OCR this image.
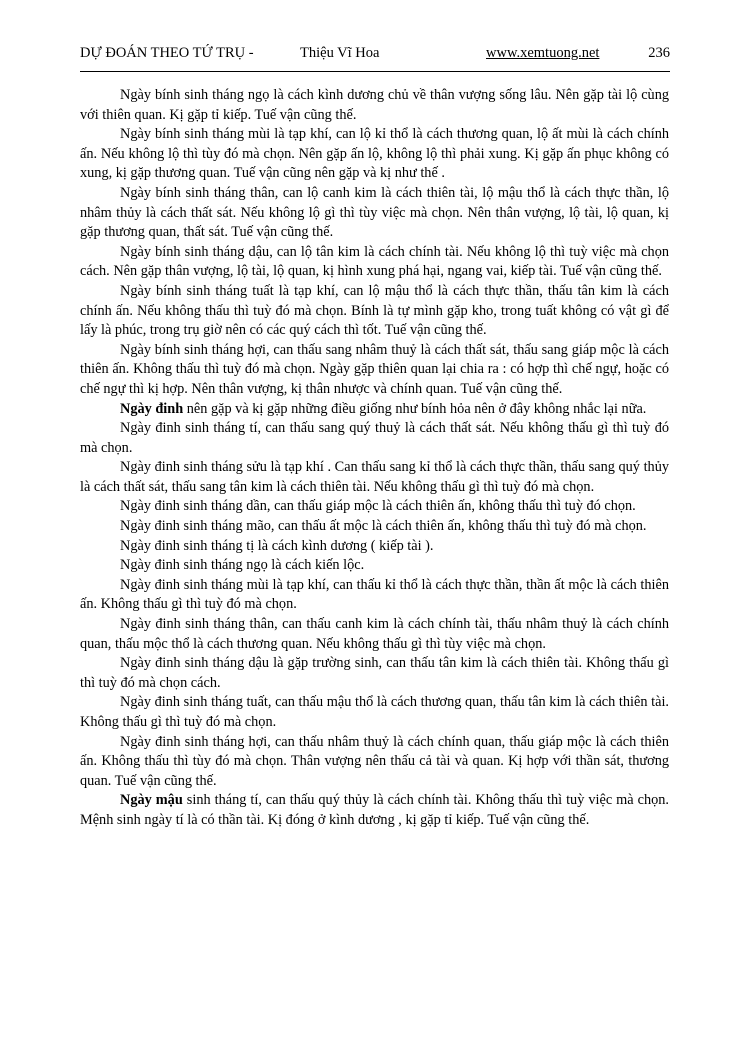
DỰ ĐOÁN THEO TỨ TRỤ -	Thiệu Vĩ Hoa	www.xemtuong.net	236

Ngày bính sinh tháng ngọ là cách kình dương chủ về thân vượng sống lâu. Nên gặp tài lộ cùng với thiên quan. Kị gặp tỉ kiếp. Tuế vận cũng thế.

Ngày bính sinh tháng mùi là tạp khí, can lộ kỉ thổ là cách thương quan, lộ ất mùi là cách chính ấn. Nếu không lộ thì tùy đó mà chọn. Nên gặp ấn lộ, không lộ thì phải xung. Kị gặp ấn phục không có xung, kị gặp thương quan. Tuế vận cũng nên gặp và kị như thế .

Ngày bính sinh tháng thân, can lộ canh kim là cách thiên tài, lộ mậu thổ là cách thực thần, lộ nhâm thủy là cách thất sát. Nếu không lộ gì thì tùy việc mà chọn. Nên thân vượng, lộ tài, lộ quan, kị gặp thương quan, thất sát. Tuế vận cũng thế.

Ngày bính sinh tháng dậu, can lộ tân kim là cách chính tài. Nếu không lộ thì tuỳ việc mà chọn cách. Nên gặp thân vượng, lộ tài, lộ quan, kị hình xung phá hại, ngang vai, kiếp tài. Tuế vận cũng thế.

Ngày bính sinh tháng tuất là tạp khí, can lộ mậu thổ là cách thực thần, thấu tân kim là cách chính ấn. Nếu không thấu thì tuỳ đó mà chọn. Bính là tự mình gặp kho, trong tuất không có vật gì để lấy là phúc, trong trụ giờ nên có các quý cách thì tốt. Tuế vận cũng thế.

Ngày bính sinh tháng hợi, can thấu sang nhâm thuỷ là cách thất sát, thấu sang giáp mộc là cách thiên ấn. Không thấu thì tuỳ đó mà chọn. Ngày gặp thiên quan lại chia ra : có hợp thì chế ngự, hoặc có chế ngự thì kị hợp. Nên thân vượng, kị thân nhược và chính quan. Tuế vận cũng thế.

Ngày đinh nên gặp và kị gặp những điều giống như bính hỏa nên ở đây không nhắc lại nữa.

Ngày đinh sinh tháng tí, can thấu sang quý thuỷ là cách thất sát. Nếu không thấu gì thì tuỳ đó mà chọn.

Ngày đinh sinh tháng sửu là tạp khí . Can thấu sang kỉ thổ là cách thực thần, thấu sang quý thủy là cách thất sát, thấu sang tân kim là cách thiên tài. Nếu không thấu gì thì tuỳ đó mà chọn.

Ngày đinh sinh tháng dần, can thấu giáp mộc là cách thiên ấn, không thấu thì tuỳ đó chọn.

Ngày đinh sinh tháng mão, can thấu ất mộc là cách thiên ấn, không thấu thì tuỳ đó mà chọn.

Ngày đinh sinh tháng tị là cách kình dương ( kiếp tài ).

Ngày đinh sinh tháng ngọ là cách kiến lộc.

Ngày đinh sinh tháng mùi là tạp khí, can thấu kỉ thổ là cách thực thần, thần ất mộc là cách thiên ấn. Không thấu gì thì tuỳ đó mà chọn.

Ngày đinh sinh tháng thân, can thấu canh kim là cách chính tài, thấu nhâm thuỷ là cách chính quan, thấu mộc thổ là cách thương quan. Nếu không thấu gì thì tùy việc mà chọn.

Ngày đinh sinh tháng dậu là gặp trường sinh, can thấu tân kim là cách thiên tài. Không thấu gì thì tuỳ đó mà chọn cách.

Ngày đinh sinh tháng tuất, can thấu mậu thổ là cách thương quan, thấu tân kim là cách thiên tài. Không thấu gì thì tuỳ đó mà chọn.

Ngày đinh sinh tháng hợi, can thấu nhâm thuỷ là cách chính quan, thấu giáp mộc là cách thiên ấn. Không thấu thì tùy đó mà chọn. Thân vượng nên thấu cả tài và quan. Kị hợp với thần sát, thương quan. Tuế vận cũng thế.

Ngày mậu sinh tháng tí, can thấu quý thủy là cách chính tài. Không thấu thì tuỳ việc mà chọn. Mệnh sinh ngày tí là có thần tài. Kị đóng ở kình dương , kị gặp tỉ kiếp. Tuế vận cũng thế.
